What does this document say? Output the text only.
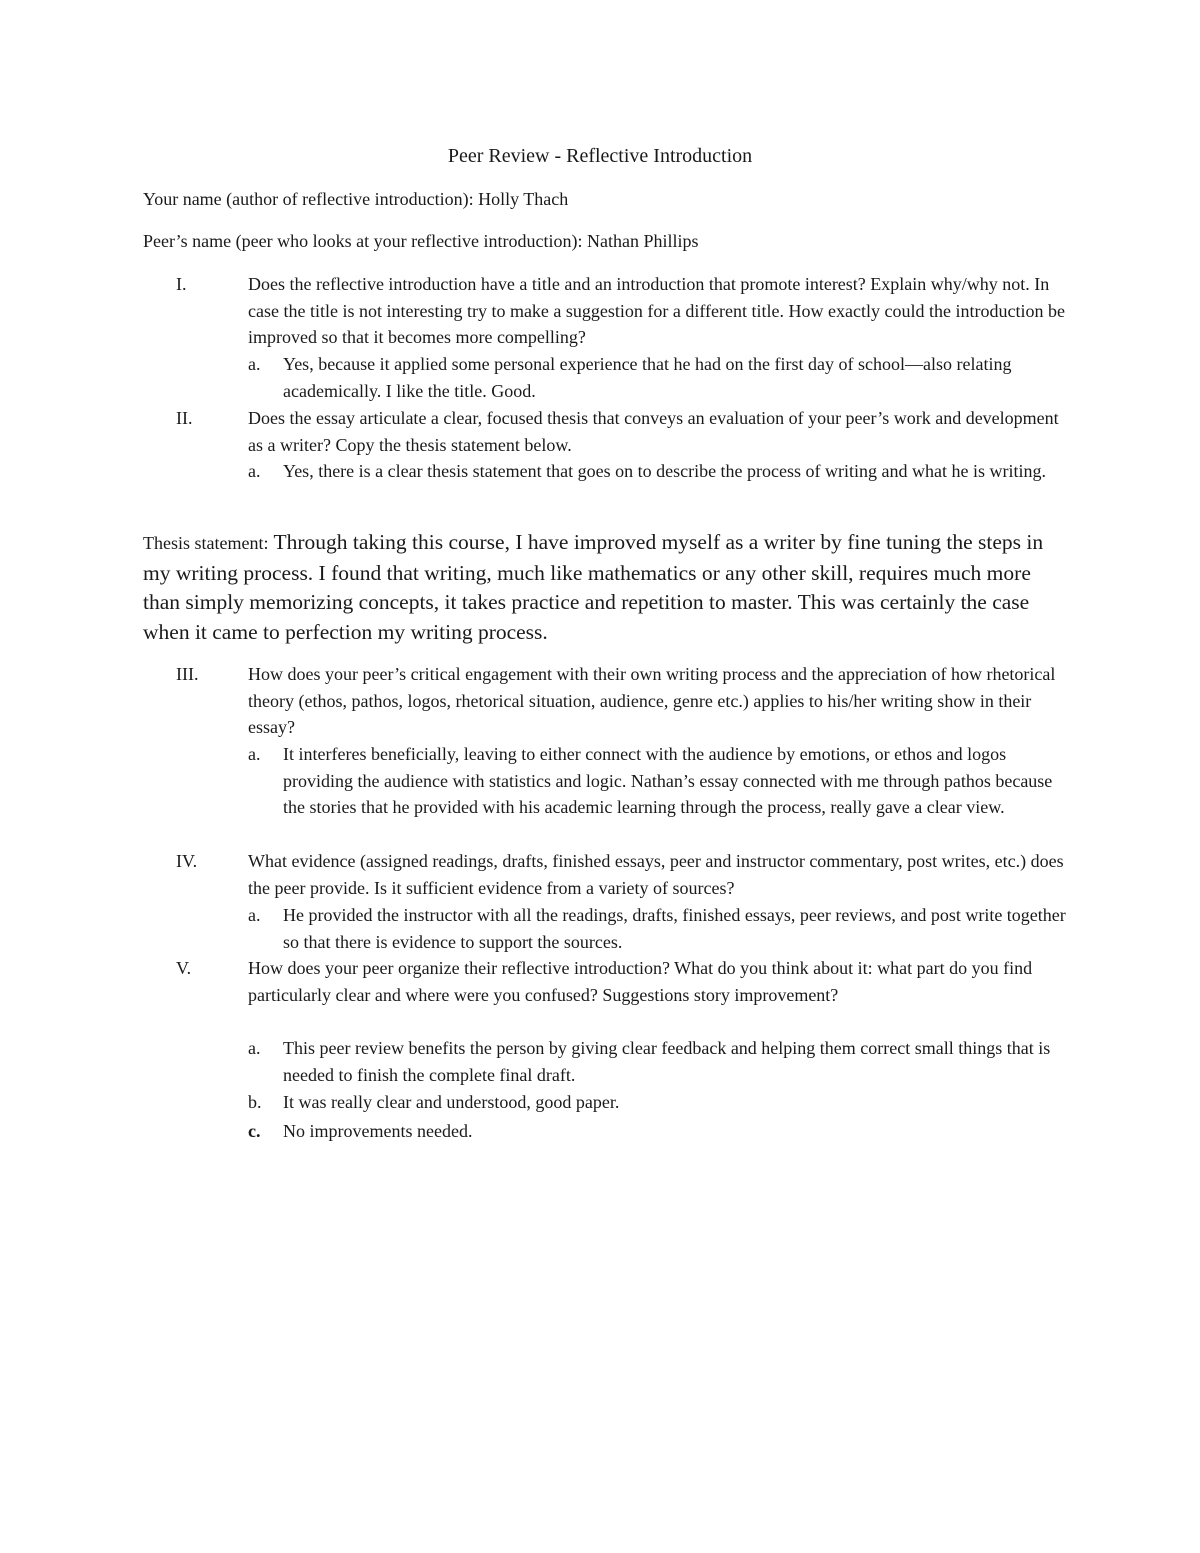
Peer Review - Reflective Introduction
Your name (author of reflective introduction): Holly Thach
Peer’s name (peer who looks at your reflective introduction): Nathan Phillips
I.	Does the reflective introduction have a title and an introduction that promote interest? Explain why/why not. In case the title is not interesting try to make a suggestion for a different title. How exactly could the introduction be improved so that it becomes more compelling?
a. Yes, because it applied some personal experience that he had on the first day of school—also relating academically. I like the title. Good.
II.	Does the essay articulate a clear, focused thesis that conveys an evaluation of your peer’s work and development as a writer? Copy the thesis statement below.
a. Yes, there is a clear thesis statement that goes on to describe the process of writing and what he is writing.
Thesis statement: Through taking this course, I have improved myself as a writer by fine tuning the steps in my writing process. I found that writing, much like mathematics or any other skill, requires much more than simply memorizing concepts, it takes practice and repetition to master. This was certainly the case when it came to perfection my writing process.
III.	How does your peer’s critical engagement with their own writing process and the appreciation of how rhetorical theory (ethos, pathos, logos, rhetorical situation, audience, genre etc.) applies to his/her writing show in their essay?
a. It interferes beneficially, leaving to either connect with the audience by emotions, or ethos and logos providing the audience with statistics and logic. Nathan’s essay connected with me through pathos because the stories that he provided with his academic learning through the process, really gave a clear view.
IV.	What evidence (assigned readings, drafts, finished essays, peer and instructor commentary, post writes, etc.) does the peer provide. Is it sufficient evidence from a variety of sources?
a. He provided the instructor with all the readings, drafts, finished essays, peer reviews, and post write together so that there is evidence to support the sources.
V.	How does your peer organize their reflective introduction? What do you think about it: what part do you find particularly clear and where were you confused? Suggestions story improvement?
a. This peer review benefits the person by giving clear feedback and helping them correct small things that is needed to finish the complete final draft.
b. It was really clear and understood, good paper.
c. No improvements needed.
